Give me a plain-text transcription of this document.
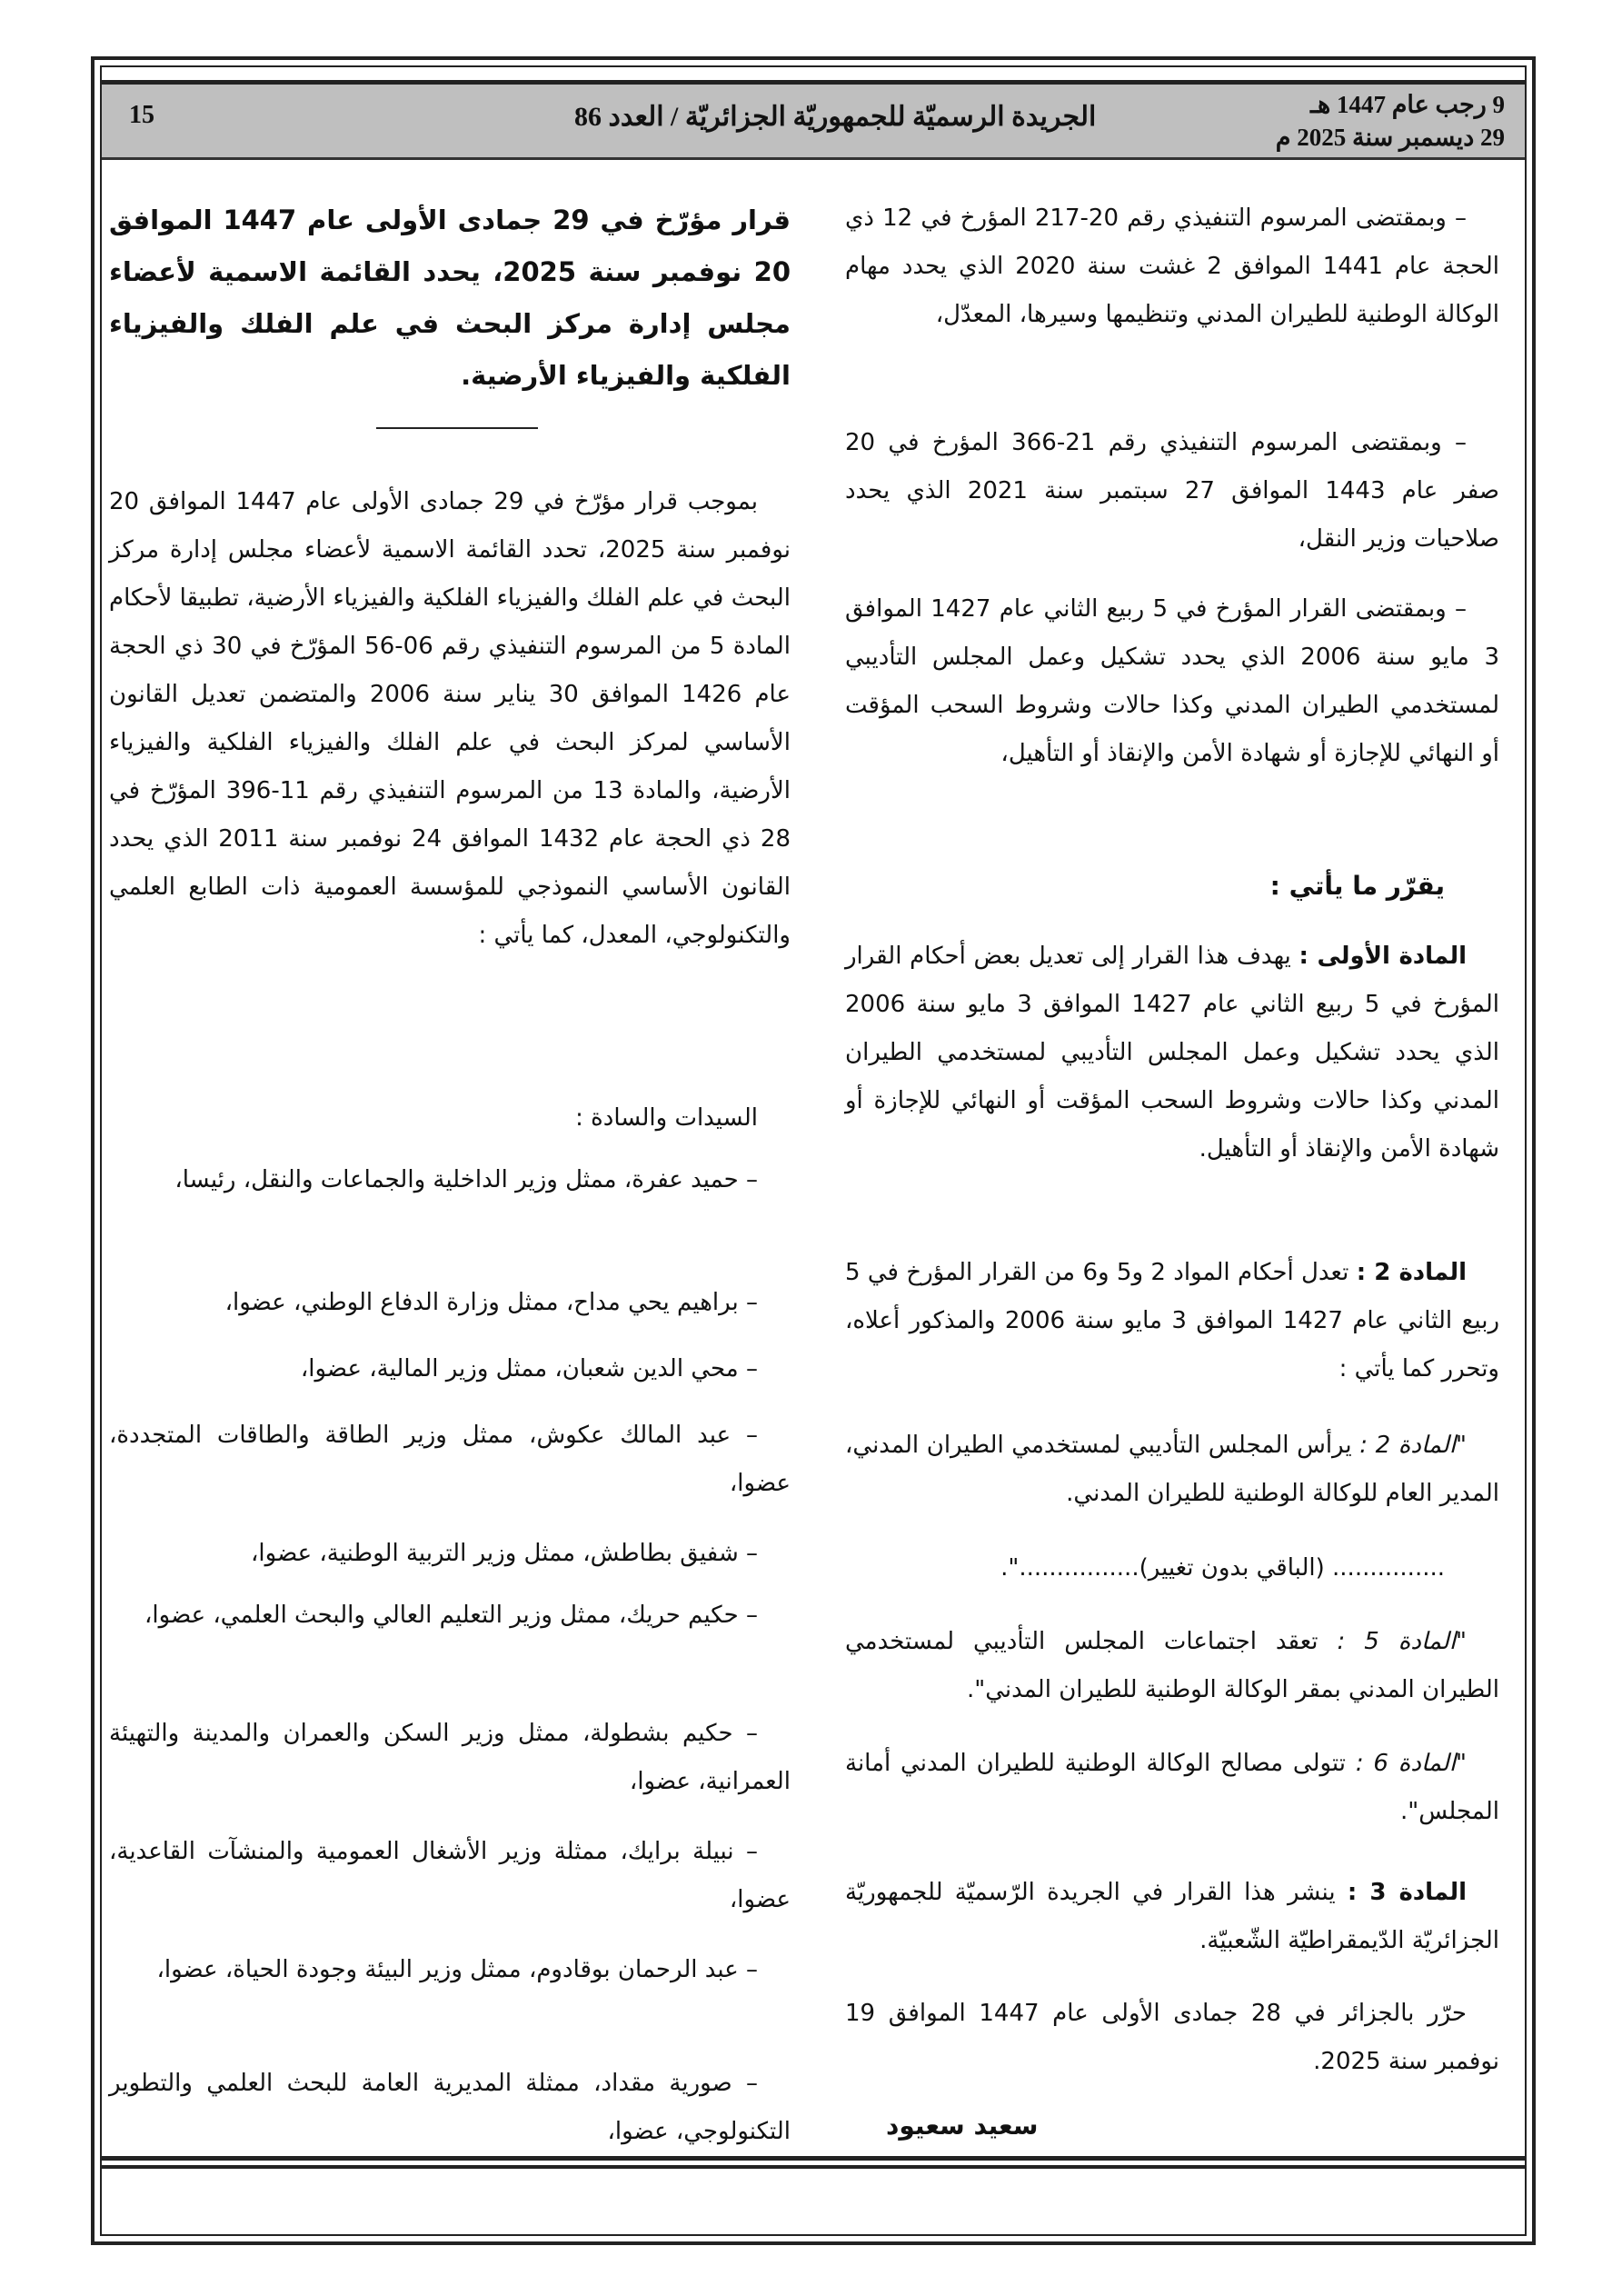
9 رجب عام 1447 هـ
29 ديسمبر سنة 2025 م
الجريدة الرسميّة للجمهوريّة الجزائريّة / العدد 86
15
– وبمقتضى المرسوم التنفيذي رقم 20-217 المؤرخ في 12 ذي الحجة عام 1441 الموافق 2 غشت سنة 2020 الذي يحدد مهام الوكالة الوطنية للطيران المدني وتنظيمها وسيرها، المعدّل،
– وبمقتضى المرسوم التنفيذي رقم 21-366 المؤرخ في 20 صفر عام 1443 الموافق 27 سبتمبر سنة 2021 الذي يحدد صلاحيات وزير النقل،
– وبمقتضى القرار المؤرخ في 5 ربيع الثاني عام 1427 الموافق 3 مايو سنة 2006 الذي يحدد تشكيل وعمل المجلس التأديبي لمستخدمي الطيران المدني وكذا حالات وشروط السحب المؤقت أو النهائي للإجازة أو شهادة الأمن والإنقاذ أو التأهيل،
يقرّر ما يأتي :
المادة الأولى : يهدف هذا القرار إلى تعديل بعض أحكام القرار المؤرخ في 5 ربيع الثاني عام 1427 الموافق 3 مايو سنة 2006 الذي يحدد تشكيل وعمل المجلس التأديبي لمستخدمي الطيران المدني وكذا حالات وشروط السحب المؤقت أو النهائي للإجازة أو شهادة الأمن والإنقاذ أو التأهيل.
المادة 2 : تعدل أحكام المواد 2 و5 و6 من القرار المؤرخ في 5 ربيع الثاني عام 1427 الموافق 3 مايو سنة 2006 والمذكور أعلاه، وتحرر كما يأتي :
"المادة 2 : يرأس المجلس التأديبي لمستخدمي الطيران المدني، المدير العام للوكالة الوطنية للطيران المدني.
............... (الباقي بدون تغيير)................".
"المادة 5 : تعقد اجتماعات المجلس التأديبي لمستخدمي الطيران المدني بمقر الوكالة الوطنية للطيران المدني".
"المادة 6 : تتولى مصالح الوكالة الوطنية للطيران المدني أمانة المجلس".
المادة 3 : ينشر هذا القرار في الجريدة الرّسميّة للجمهوريّة الجزائريّة الدّيمقراطيّة الشّعبيّة.
حرّر بالجزائر في 28 جمادى الأولى عام 1447 الموافق 19 نوفمبر سنة 2025.
سعيد سعيود
قرار مؤرّخ في 29 جمادى الأولى عام 1447 الموافق 20 نوفمبر سنة 2025، يحدد القائمة الاسمية لأعضاء مجلس إدارة مركز البحث في علم الفلك والفيزياء الفلكية والفيزياء الأرضية.
بموجب قرار مؤرّخ في 29 جمادى الأولى عام 1447 الموافق 20 نوفمبر سنة 2025، تحدد القائمة الاسمية لأعضاء مجلس إدارة مركز البحث في علم الفلك والفيزياء الفلكية والفيزياء الأرضية، تطبيقا لأحكام المادة 5 من المرسوم التنفيذي رقم 06-56 المؤرّخ في 30 ذي الحجة عام 1426 الموافق 30 يناير سنة 2006 والمتضمن تعديل القانون الأساسي لمركز البحث في علم الفلك والفيزياء الفلكية والفيزياء الأرضية، والمادة 13 من المرسوم التنفيذي رقم 11-396 المؤرّخ في 28 ذي الحجة عام 1432 الموافق 24 نوفمبر سنة 2011 الذي يحدد القانون الأساسي النموذجي للمؤسسة العمومية ذات الطابع العلمي والتكنولوجي، المعدل، كما يأتي :
السيدات والسادة :
– حميد عفرة، ممثل وزير الداخلية والجماعات والنقل، رئيسا،
– براهيم يحي مداح، ممثل وزارة الدفاع الوطني، عضوا،
– محي الدين شعبان، ممثل وزير المالية، عضوا،
– عبد المالك عكوش، ممثل وزير الطاقة والطاقات المتجددة، عضوا،
– شفيق بطاطش، ممثل وزير التربية الوطنية، عضوا،
– حكيم حريك، ممثل وزير التعليم العالي والبحث العلمي، عضوا،
– حكيم بشطولة، ممثل وزير السكن والعمران والمدينة والتهيئة العمرانية، عضوا،
– نبيلة برايك، ممثلة وزير الأشغال العمومية والمنشآت القاعدية، عضوا،
– عبد الرحمان بوقادوم، ممثل وزير البيئة وجودة الحياة، عضوا،
– صورية مقداد، ممثلة المديرية العامة للبحث العلمي والتطوير التكنولوجي، عضوا،
